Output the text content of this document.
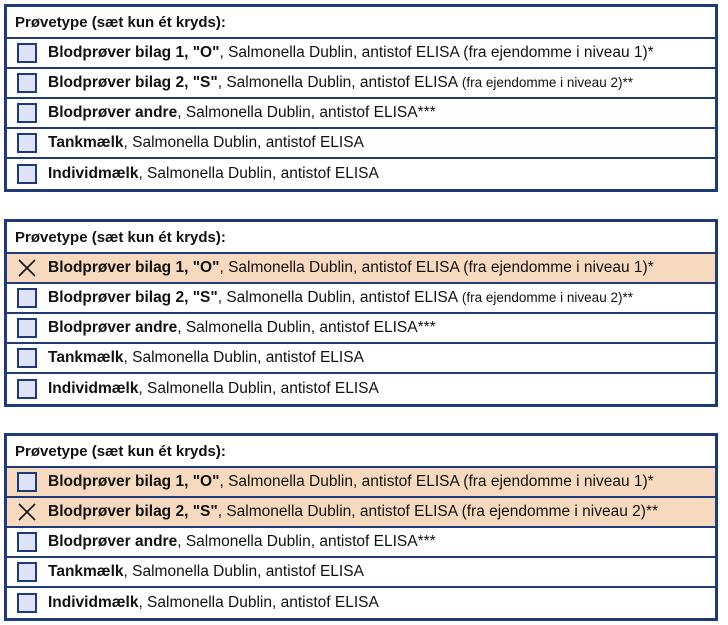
Prøvetype (sæt kun ét kryds):
Blodprøver bilag 1, "O", Salmonella Dublin, antistof ELISA (fra ejendomme i niveau 1)*
Blodprøver bilag 2, "S", Salmonella Dublin, antistof ELISA (fra ejendomme i niveau 2)**
Blodprøver andre, Salmonella Dublin, antistof ELISA***
Tankmælk, Salmonella Dublin, antistof ELISA
Individmælk, Salmonella Dublin, antistof ELISA
Prøvetype (sæt kun ét kryds):
Blodprøver bilag 1, "O", Salmonella Dublin, antistof ELISA (fra ejendomme i niveau 1)*
Blodprøver bilag 2, "S", Salmonella Dublin, antistof ELISA (fra ejendomme i niveau 2)**
Blodprøver andre, Salmonella Dublin, antistof ELISA***
Tankmælk, Salmonella Dublin, antistof ELISA
Individmælk, Salmonella Dublin, antistof ELISA
Prøvetype (sæt kun ét kryds):
Blodprøver bilag 1, "O", Salmonella Dublin, antistof ELISA (fra ejendomme i niveau 1)*
Blodprøver bilag 2, "S", Salmonella Dublin, antistof ELISA (fra ejendomme i niveau 2)**
Blodprøver andre, Salmonella Dublin, antistof ELISA***
Tankmælk, Salmonella Dublin, antistof ELISA
Individmælk, Salmonella Dublin, antistof ELISA
